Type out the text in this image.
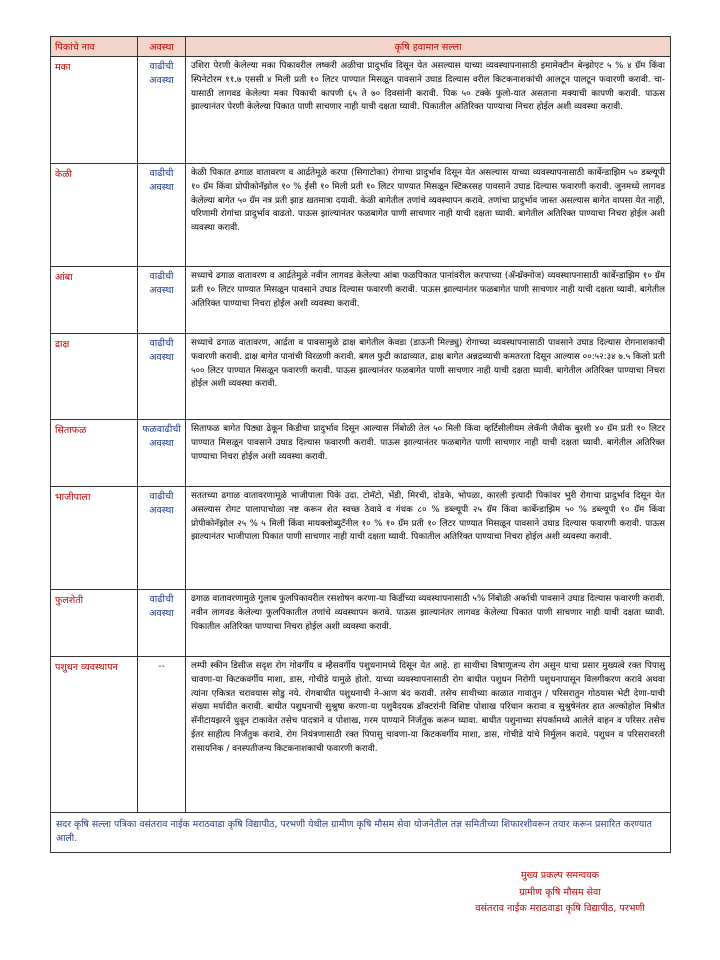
पिकांचे नाव	अवस्था	कृषि हवामान सल्ला
मका	वाढीची अवस्था	उशिरा पेरणी केलेल्या मका पिकावरील लष्करी अळीचा प्रादुर्भाव दिसून येत असल्यास याच्या व्यवस्थापनासाठी इमामेक्टीन बेन्झोएट ५ % ४ ग्रॅम किंवा स्पिनेटोरम ११.७ एससी ४ मिली प्रती १० लिटर पाण्यात मिसळून पावसाने उघाड दिल्यास वरील किटकनाशकांची आलटून पालटून फवारणी करावी. चा-यासाठी लागवड केलेल्या मका पिकाची कापणी ६५ ते ७० दिवसांनी करावी. पिक ५० टक्के फुलो-यात असताना मक्याची कापणी करावी. पाऊस झाल्यानंतर पेरणी केलेल्या पिकात पाणी साचणार नाही याची दक्षता घ्यावी. पिकातील अतिरिक्त पाण्याचा निचरा होईल अशी व्यवस्था करावी.
केळी	वाढीची अवस्था	केळी पिकात ढगाळ वातावरण व आर्द्रतेमूळे करपा (सिगाटोका) रोगाचा प्रादुर्भाव दिसून येत असल्यास याच्या व्यवस्थापनासाठी कार्बेन्डाझिम ५० डब्ल्यूपी १० ग्रॅम किंवा प्रोपीकोनॅझोल १० % ईसी १० मिली प्रती १० लिटर पाण्यात मिसळून स्टिकरसह पावसाने उघाड दिल्यास फवारणी करावी. जुनमध्ये लागवड केलेल्या बागेत ५० ग्रॅम नत्र प्रती झाड खतमात्रा दयावी. केळी बागेतील तणांचे व्यवस्थापन करावे. तणांचा प्रादुर्भाव जास्त असल्यास बागेत वापसा येत नाही, परिणामी रोगांचा प्रादुर्भाव वाढतो. पाऊस झाल्यानंतर फळबागेत पाणी साचणार नाही याची दक्षता घ्यावी. बागेतील अतिरिक्त पाण्याचा निचरा होईल अशी व्यवस्था करावी.
आंबा	वाढीची अवस्था	सध्याचे ढगाळ वातावरण व आर्द्रतेमुळे नवीन लागवड केलेल्या आंबा फळपिकात पानांवरील करपाच्या (ॲन्थ्रॅक्नोज) व्यवस्थापनासाठी कार्बेन्डाझिम १० ग्रॅम प्रती १० लिटर पाण्यात मिसळून पावसाने उघाड दिल्यास फवारणी करावी. पाऊस झाल्यानंतर फळबागेत पाणी साचणार नाही याची दक्षता घ्यावी. बागेतील अतिरिक्त पाण्याचा निचरा होईल अशी व्यवस्था करावी.
द्राक्ष	वाढीची अवस्था	सध्याचे ढगाळ वातावरण, आर्द्रता व पावसामुळे द्राक्ष बागेतील केवडा (डाऊनी मिल्ड्यु) रोगाच्या व्यवस्थापनासाठी पावसाने उघाड दिल्यास रोगनाशकाची फवारणी करावी. द्राक्ष बागेत पानांची विरळणी करावी. बगल फुटी काढाव्यात, द्राक्ष बागेत अन्नद्रव्याची कमतरता दिसून आल्यास ००:५२:३४ ७.५ किलो प्रती ५०० लिटर पाण्यात मिसळून फवारणी करावी. पाऊस झाल्यानंतर फळबागेत पाणी साचणार नाही याची दक्षता घ्यावी. बागेतील अतिरिक्त पाण्याचा निचरा होईल अशी व्यवस्था करावी.
सिताफळ	फळवाढीची अवस्था	सिताफळ बागेत पिठ्या ढेकून किडीचा प्रादुर्भाव दिसून आल्यास निंबोळी तेल ५० मिली किंवा व्हर्टिसीलीयम लेकॅनी जैवीक बुरशी ४० ग्रॅम प्रती १० लिटर पाण्यात मिसळून पावसाने उघाड दिल्यास फवारणी करावी. पाऊस झाल्यानंतर फळबागेत पाणी साचणार नाही याची दक्षता घ्यावी. बागेतील अतिरिक्त पाण्याचा निचरा होईल अशी व्यवस्था करावी.
भाजीपाला	वाढीची अवस्था	सततच्या ढगाळ वातावरणामूळे भाजीपाला पिके उदा. टोमॅटो, भेंडी, मिरची, दोडके, भोपळा, कारली इत्यादी पिकांवर भुरी रोगाचा प्रादुर्भाव दिसून येत असल्यास रोगट पालापाचोळा नष्ट करून शेत स्वच्छ ठेवावे व गंधक ८० % डब्ल्यूपी २५ ग्रॅम किंवा कार्बेन्डाझिम ५० % डब्ल्यूपी १० ग्रॅम किंवा प्रोपीकोनॅझोल २५ % ५ मिली किंवा मायक्लोब्युटॅनील १० % १० ग्रॅम प्रती १० लिटर पाण्यात मिसळून पावसाने उघाड दिल्यास फवारणी करावी. पाऊस झाल्यानंतर भाजीपाला पिकात पाणी साचणार नाही याची दक्षता घ्यावी. पिकातील अतिरिक्त पाण्याचा निचरा होईल अशी व्यवस्था करावी.
फुलशेती	वाढीची अवस्था	ढगाळ वातावरणामुळे गुलाब फुलपिकावरील रसशोषन करणा-या किडींच्या व्यवस्थापनासाठी ५% निंबोळी अर्काची पावसाने उघाड दिल्यास फवारणी करावी. नवीन लागवड केलेल्या फुलपिकातील तणांचे व्यवस्थापन करावे. पाऊस झाल्यानंतर लागवड केलेल्या पिकात पाणी साचणार नाही याची दक्षता घ्यावी. पिकातील अतिरिक्त पाण्याचा निचरा होईल अशी व्यवस्था करावी.
पशुधन व्यवस्थापन	--	लम्पी स्कीन डिसीज सदृश रोग गोवर्गीय व म्हैसवर्गीय पशुधनामध्ये दिसून येत आहे. हा साथीचा विषाणूजन्य रोग असुन याचा प्रसार मुख्यत्वे रक्त पिपासु चावणा-या किटकवर्गीय माशा, डास, गोचीडे यामुळे होतो. याच्या व्यवस्थापनासाठी रोग बाधीत पशुधन निरोगी पशुधनापासून विलगीकरण करावे अथवा त्यांना एकित्रत चरावयास सोडु नये. रोगबाधीत पशुधनाची ने-आण बंद करावी. तसेच साथीच्या काळात गावातुन / परिसरातुन गोठयास भेटी देणा-याची संख्या मर्यादीत करावी. बाधीत पशुधनाची सुश्रुषा करणा-या पशुवैदयक डॉक्टरांनी विशिष्ट पोशाख परिधान करावा व सुश्रुषेनंतर हात अल्कोहोल मिश्रीत सॅनीटायझरने धुवून टाकावेत तसेच पादत्राने व पोशाख, गरम पाण्याने निर्जंतुक करून घ्यावा. बाधीत पशुनाच्या संपर्कामध्ये आलेले वाहन व परिसर तसेच ईतर साहीत्य निर्जंतुक करावे. रोग नियंत्रणासाठी रक्त पिपासु चावणा-या किटकवर्गीय माशा, डास, गोचीडे यांचे निर्मुलन करावे. पशुधन व परिसरावरती रासायनिक / वनस्पतीजन्य किटकनाशकाची फवारणी करावी.
सदर कृषि सल्ला पत्रिका वसंतराव नाईक मराठवाडा कृषि विद्यापीठ, परभणी येथील ग्रामीण कृषि मौसम सेवा योजनेतील तज्ञ समितीच्या शिफारशीवरून तयार करून प्रसारित करण्यात आली.		
मुख्य प्रकल्प समन्वयक
ग्रामीण कृषि मौसम सेवा
वसंतराव नाईक मराठवाडा कृषि विद्यापीठ, परभणी
